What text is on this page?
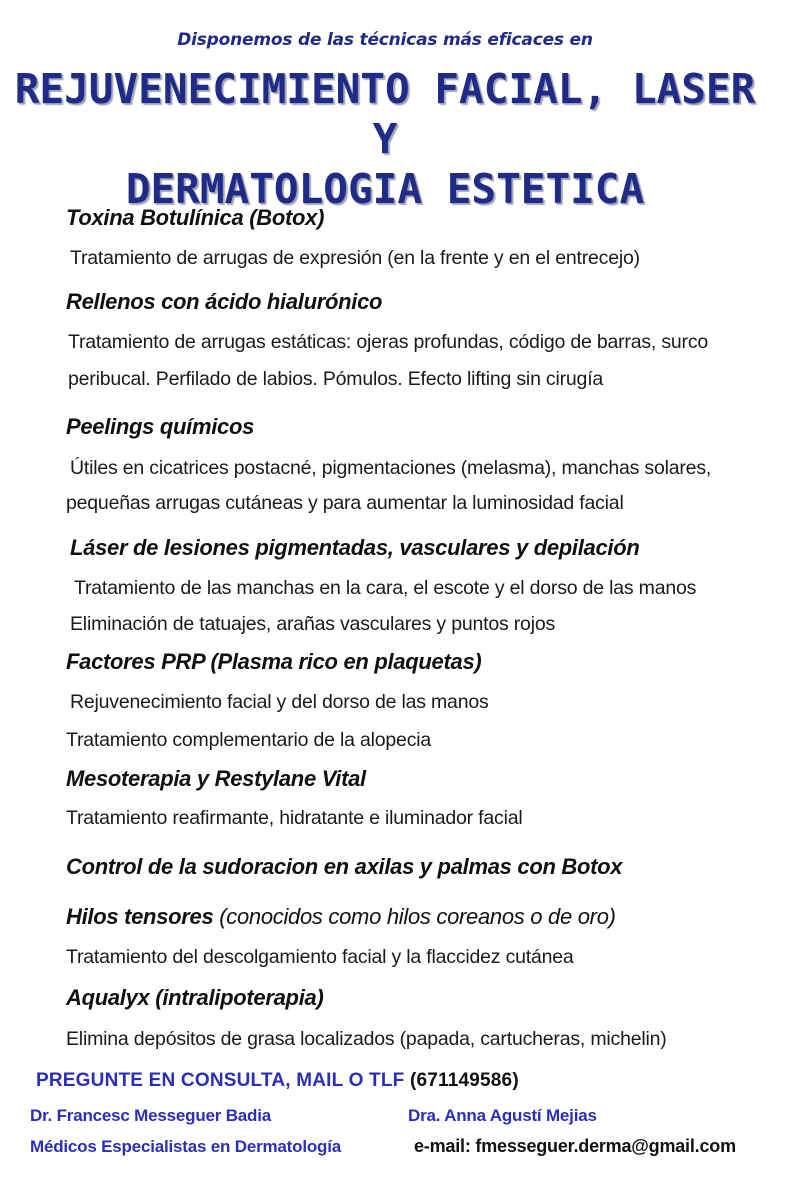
Disponemos de las técnicas más eficaces en
REJUVENECIMIENTO FACIAL, LASER Y
DERMATOLOGIA ESTETICA
Toxina Botulínica (Botox)
Tratamiento de arrugas de expresión (en la frente y en el entrecejo)
Rellenos con ácido hialurónico
Tratamiento de arrugas estáticas: ojeras profundas, código de barras, surco
peribucal. Perfilado de labios. Pómulos. Efecto lifting sin cirugía
Peelings químicos
Útiles en cicatrices postacné, pigmentaciones (melasma), manchas solares,
pequeñas arrugas cutáneas y para aumentar la luminosidad facial
Láser de lesiones pigmentadas, vasculares y depilación
Tratamiento de las manchas en la cara, el escote y el dorso de las manos
Eliminación de tatuajes, arañas vasculares y puntos rojos
Factores PRP (Plasma rico en plaquetas)
Rejuvenecimiento facial y del dorso de las manos
Tratamiento complementario de la alopecia
Mesoterapia y Restylane Vital
Tratamiento reafirmante, hidratante e iluminador facial
Control de la sudoracion en axilas y palmas con Botox
Hilos tensores (conocidos como hilos coreanos o de oro)
Tratamiento del descolgamiento facial y la flaccidez cutánea
Aqualyx (intralipoterapia)
Elimina depósitos de grasa localizados (papada, cartucheras, michelin)
PREGUNTE EN CONSULTA, MAIL O TLF (671149586)
Dr. Francesc Messeguer Badia	Dra. Anna Agustí Mejias
Médicos Especialistas en Dermatología	e-mail: fmesseguer.derma@gmail.com
